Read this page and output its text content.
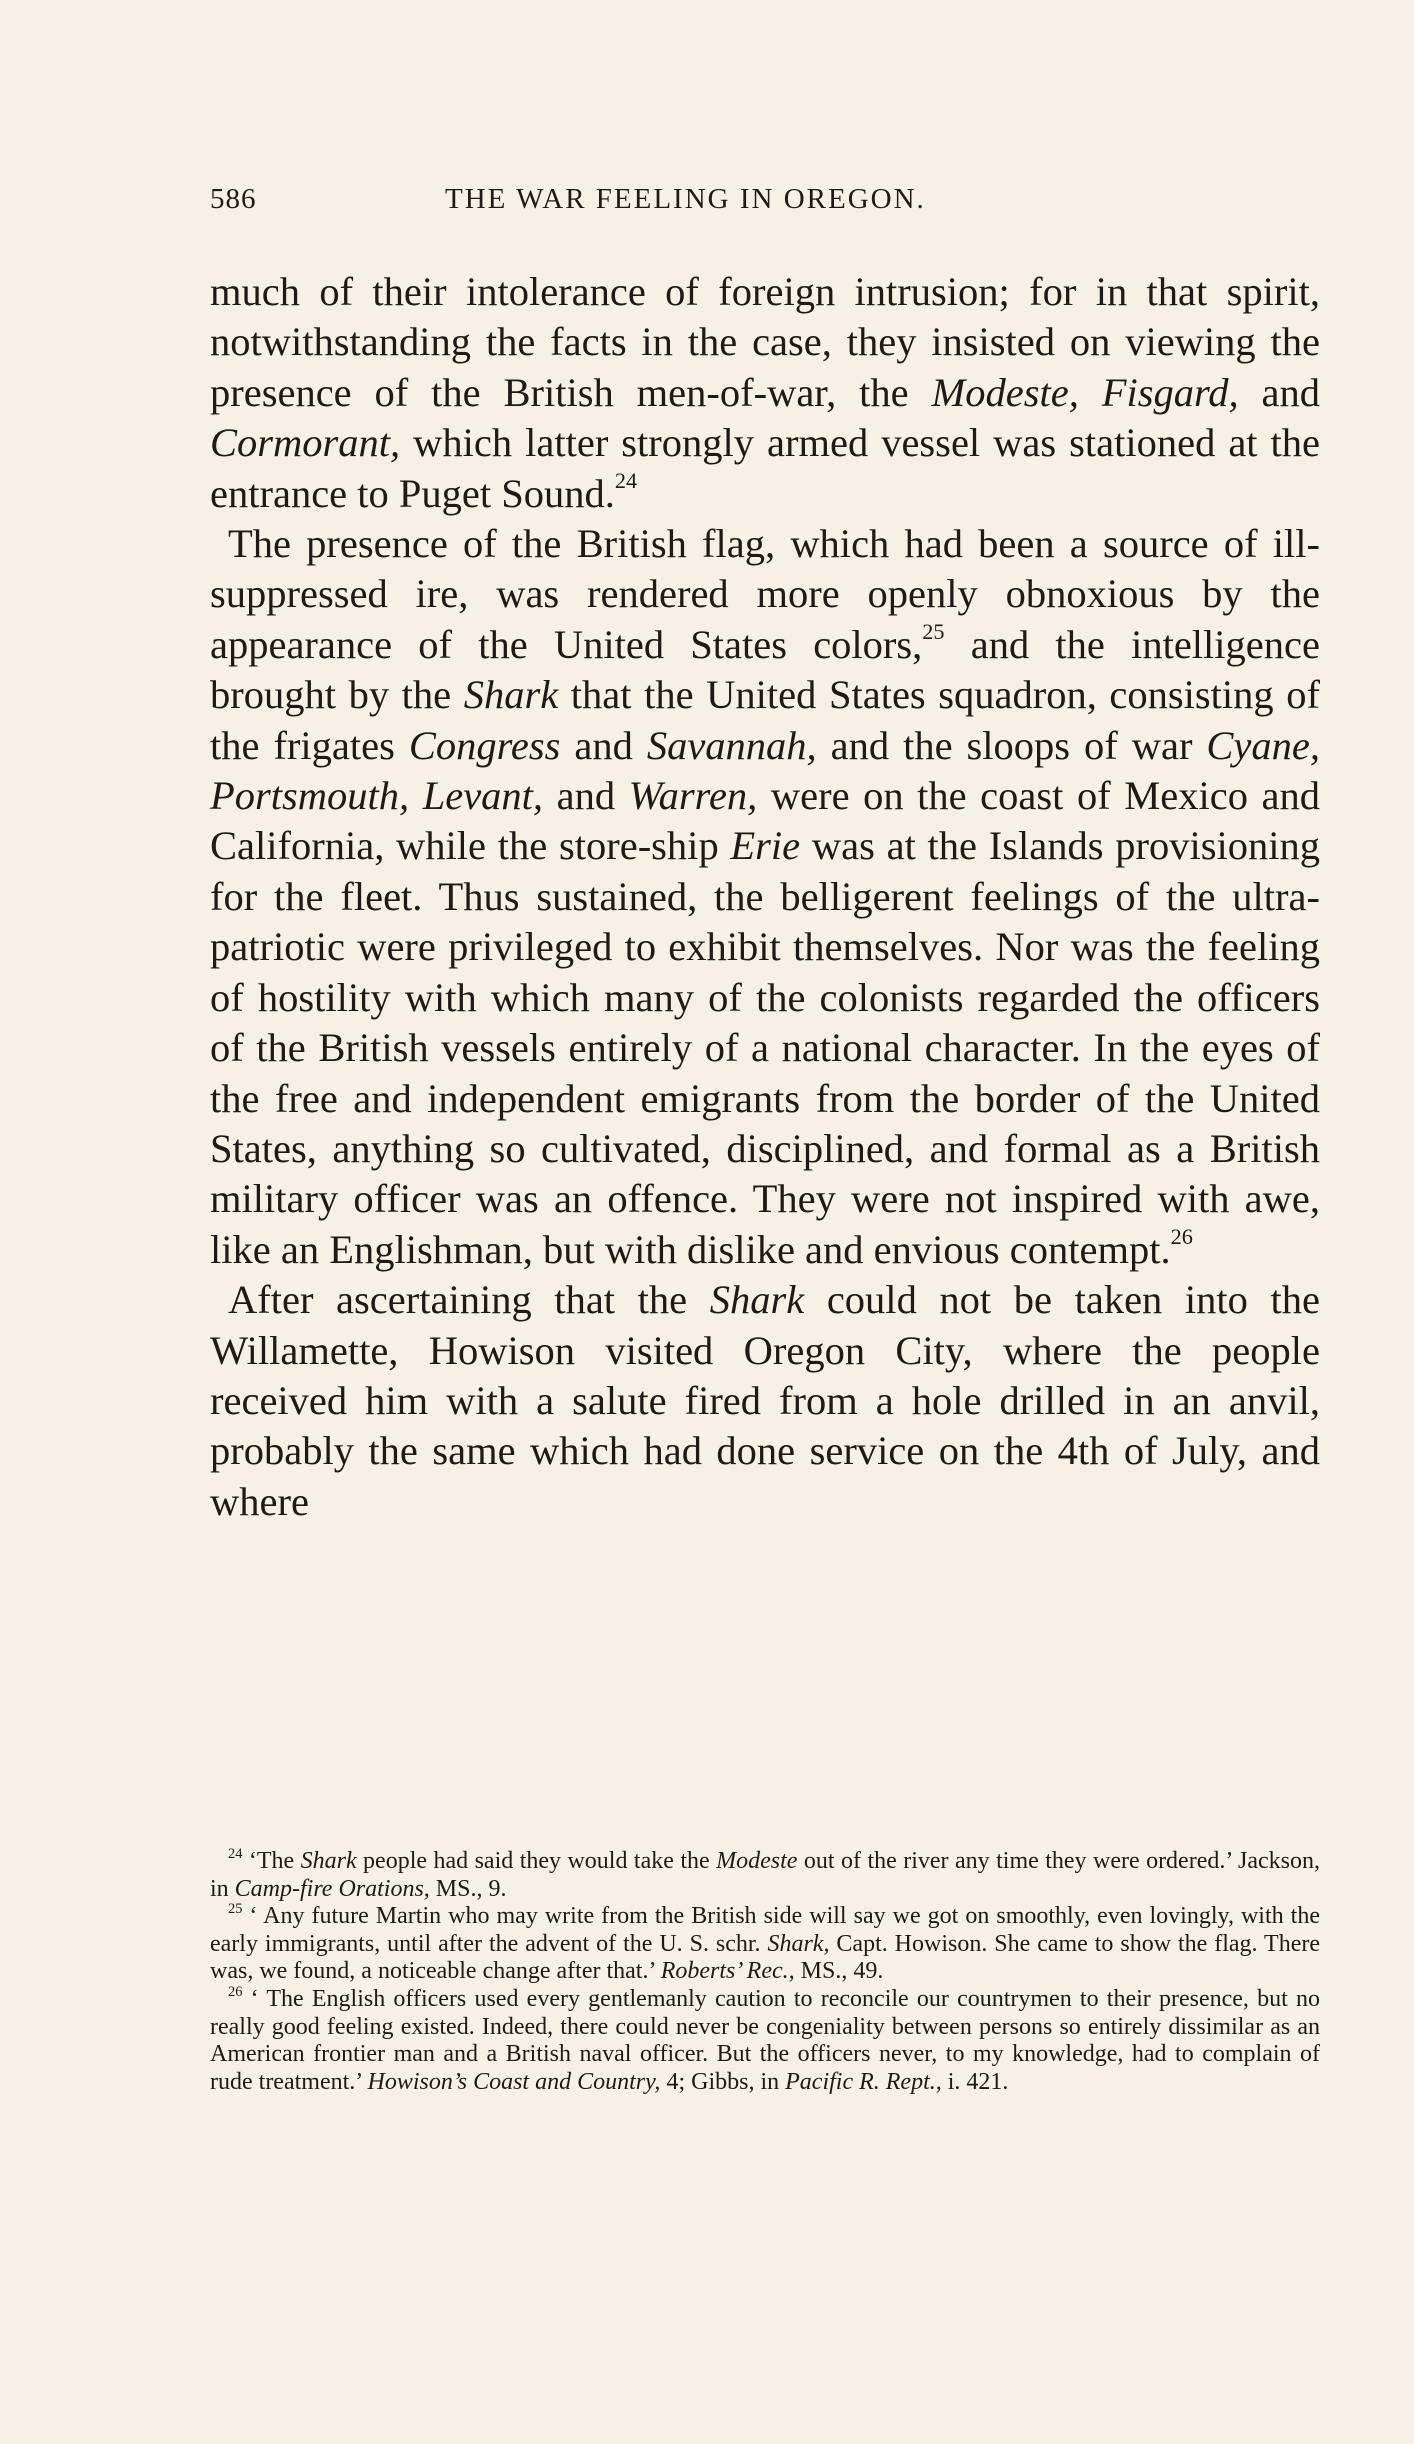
586	THE WAR FEELING IN OREGON.

much of their intolerance of foreign intrusion; for in that spirit, notwithstanding the facts in the case, they insisted on viewing the presence of the British men-of-war, the Modeste, Fisgard, and Cormorant, which latter strongly armed vessel was stationed at the entrance to Puget Sound.$^{24}$

The presence of the British flag, which had been a source of ill-suppressed ire, was rendered more openly obnoxious by the appearance of the United States colors,$^{25}$ and the intelligence brought by the Shark that the United States squadron, consisting of the frigates Congress and Savannah, and the sloops of war Cyane, Portsmouth, Levant, and Warren, were on the coast of Mexico and California, while the store-ship Erie was at the Islands provisioning for the fleet. Thus sustained, the belligerent feelings of the ultra-patriotic were privileged to exhibit themselves. Nor was the feeling of hostility with which many of the colonists regarded the officers of the British vessels entirely of a national character. In the eyes of the free and independent emigrants from the border of the United States, anything so cultivated, disciplined, and formal as a British military officer was an offence. They were not inspired with awe, like an Englishman, but with dislike and envious contempt.$^{26}$

After ascertaining that the Shark could not be taken into the Willamette, Howison visited Oregon City, where the people received him with a salute fired from a hole drilled in an anvil, probably the same which had done service on the 4th of July, and where

$^{24}$ ‘The Shark people had said they would take the Modeste out of the river any time they were ordered.’ Jackson, in Camp-fire Orations, MS., 9.

$^{25}$ ‘ Any future Martin who may write from the British side will say we got on smoothly, even lovingly, with the early immigrants, until after the advent of the U. S. schr. Shark, Capt. Howison. She came to show the flag. There was, we found, a noticeable change after that.’ Roberts’ Rec., MS., 49.

$^{26}$ ‘ The English officers used every gentlemanly caution to reconcile our countrymen to their presence, but no really good feeling existed. Indeed, there could never be congeniality between persons so entirely dissimilar as an American frontier man and a British naval officer. But the officers never, to my knowledge, had to complain of rude treatment.’ Howison’s Coast and Country, 4; Gibbs, in Pacific R. Rept., i. 421.
